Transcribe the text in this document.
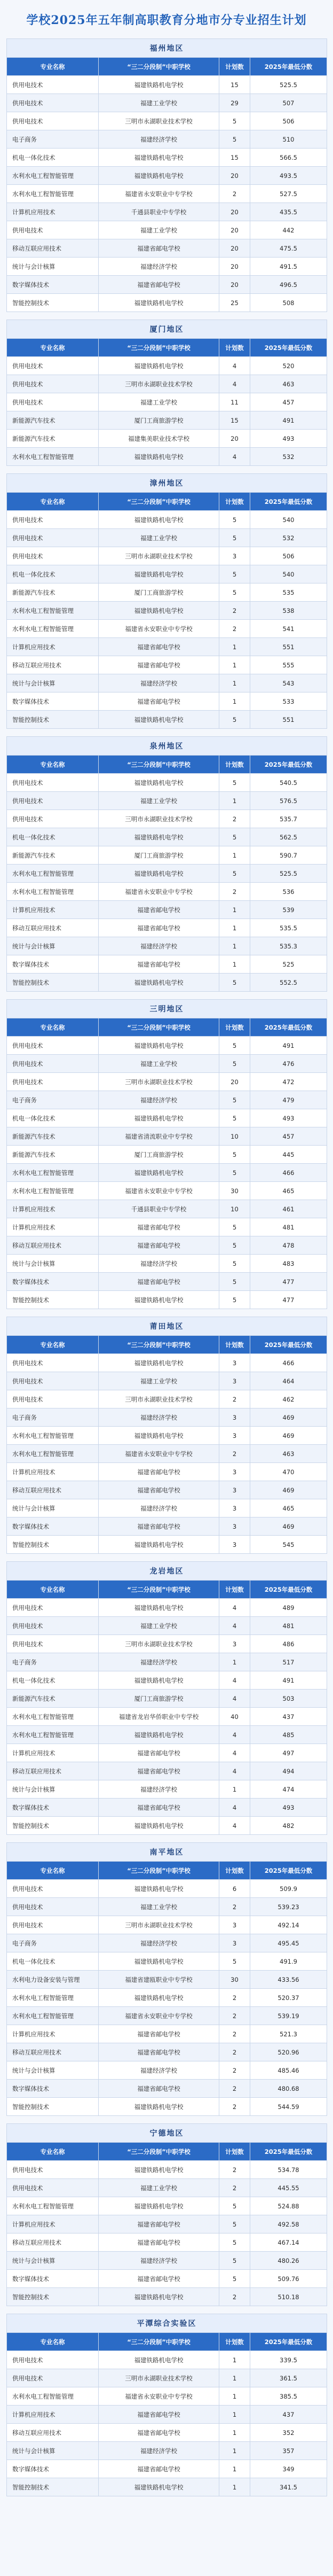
学校2025年五年制高职教育分地市分专业招生计划
福州地区			
专业名称	“三二分段制”中职学校	计划数	2025年最低分数
供用电技术	福建铁路机电学校	15	525.5
供用电技术	福建工业学校	29	507
供用电技术	三明市永湖职业技术学校	5	506
电子商务	福建经济学校	5	510
机电一体化技术	福建铁路机电学校	15	566.5
水利水电工程智能管理	福建铁路机电学校	20	493.5
水利水电工程智能管理	福建省永安职业中专学校	2	527.5
计算机应用技术	千通县职业中专学校	20	435.5
供用电技术	福建工业学校	20	442
移动互联应用技术	福建省邮电学校	20	475.5
统计与会计核算	福建经济学校	20	491.5
数字媒体技术	福建省邮电学校	20	496.5
智能控制技术	福建铁路机电学校	25	508
厦门地区			
专业名称	“三二分段制”中职学校	计划数	2025年最低分数
供用电技术	福建铁路机电学校	4	520
供用电技术	三明市永湖职业技术学校	4	463
供用电技术	福建工业学校	11	457
新能源汽车技术	厦门工商旅游学校	15	491
新能源汽车技术	福建集美职业技术学校	20	493
水利水电工程智能管理	福建铁路机电学校	4	532
漳州地区			
专业名称	“三二分段制”中职学校	计划数	2025年最低分数
供用电技术	福建铁路机电学校	5	540
供用电技术	福建工业学校	5	532
供用电技术	三明市永湖职业技术学校	3	506
机电一体化技术	福建铁路机电学校	5	540
新能源汽车技术	厦门工商旅游学校	5	535
水利水电工程智能管理	福建铁路机电学校	2	538
水利水电工程智能管理	福建省永安职业中专学校	2	541
计算机应用技术	福建省邮电学校	1	551
移动互联应用技术	福建省邮电学校	1	555
统计与会计核算	福建经济学校	1	543
数字媒体技术	福建省邮电学校	1	533
智能控制技术	福建铁路机电学校	5	551
泉州地区			
专业名称	“三二分段制”中职学校	计划数	2025年最低分数
供用电技术	福建铁路机电学校	5	540.5
供用电技术	福建工业学校	1	576.5
供用电技术	三明市永湖职业技术学校	2	535.7
机电一体化技术	福建铁路机电学校	5	562.5
新能源汽车技术	厦门工商旅游学校	1	590.7
水利水电工程智能管理	福建铁路机电学校	5	525.5
水利水电工程智能管理	福建省永安职业中专学校	2	536
计算机应用技术	福建省邮电学校	1	539
移动互联应用技术	福建省邮电学校	1	535.5
统计与会计核算	福建经济学校	1	535.3
数字媒体技术	福建省邮电学校	1	525
智能控制技术	福建铁路机电学校	5	552.5
三明地区			
专业名称	“三二分段制”中职学校	计划数	2025年最低分数
供用电技术	福建铁路机电学校	5	491
供用电技术	福建工业学校	5	476
供用电技术	三明市永湖职业技术学校	20	472
电子商务	福建经济学校	5	479
机电一体化技术	福建铁路机电学校	5	493
新能源汽车技术	福建省清流职业中专学校	10	457
新能源汽车技术	厦门工商旅游学校	5	445
水利水电工程智能管理	福建铁路机电学校	5	466
水利水电工程智能管理	福建省永安职业中专学校	30	465
计算机应用技术	千通县职业中专学校	10	461
计算机应用技术	福建省邮电学校	5	481
移动互联应用技术	福建省邮电学校	5	478
统计与会计核算	福建经济学校	5	483
数字媒体技术	福建省邮电学校	5	477
智能控制技术	福建铁路机电学校	5	477
莆田地区			
专业名称	“三二分段制”中职学校	计划数	2025年最低分数
供用电技术	福建铁路机电学校	3	466
供用电技术	福建工业学校	3	464
供用电技术	三明市永湖职业技术学校	2	462
电子商务	福建经济学校	3	469
水利水电工程智能管理	福建铁路机电学校	3	469
水利水电工程智能管理	福建省永安职业中专学校	2	463
计算机应用技术	福建省邮电学校	3	470
移动互联应用技术	福建省邮电学校	3	469
统计与会计核算	福建经济学校	3	465
数字媒体技术	福建省邮电学校	3	469
智能控制技术	福建铁路机电学校	3	545
龙岩地区			
专业名称	“三二分段制”中职学校	计划数	2025年最低分数
供用电技术	福建铁路机电学校	4	489
供用电技术	福建工业学校	4	481
供用电技术	三明市永湖职业技术学校	3	486
电子商务	福建经济学校	1	517
机电一体化技术	福建铁路机电学校	4	491
新能源汽车技术	厦门工商旅游学校	4	503
水利水电工程智能管理	福建省龙岩华侨职业中专学校	40	437
水利水电工程智能管理	福建铁路机电学校	4	485
计算机应用技术	福建省邮电学校	4	497
移动互联应用技术	福建省邮电学校	4	494
统计与会计核算	福建经济学校	1	474
数字媒体技术	福建省邮电学校	4	493
智能控制技术	福建铁路机电学校	4	482
南平地区			
专业名称	“三二分段制”中职学校	计划数	2025年最低分数
供用电技术	福建铁路机电学校	6	509.9
供用电技术	福建工业学校	2	539.23
供用电技术	三明市永湖职业技术学校	3	492.14
电子商务	福建经济学校	3	495.45
机电一体化技术	福建铁路机电学校	5	491.9
水利电力设备安装与管理	福建省建瓯职业中专学校	30	433.56
水利水电工程智能管理	福建铁路机电学校	2	520.37
水利水电工程智能管理	福建省永安职业中专学校	2	539.19
计算机应用技术	福建省邮电学校	2	521.3
移动互联应用技术	福建省邮电学校	2	520.96
统计与会计核算	福建经济学校	2	485.46
数字媒体技术	福建省邮电学校	2	480.68
智能控制技术	福建铁路机电学校	2	544.59
宁德地区			
专业名称	“三二分段制”中职学校	计划数	2025年最低分数
供用电技术	福建铁路机电学校	2	534.78
供用电技术	福建工业学校	2	445.55
水利水电工程智能管理	福建铁路机电学校	5	524.88
计算机应用技术	福建省邮电学校	5	492.58
移动互联应用技术	福建省邮电学校	5	467.14
统计与会计核算	福建经济学校	5	480.26
数字媒体技术	福建省邮电学校	5	509.76
智能控制技术	福建铁路机电学校	2	510.18
平潭综合实验区			
专业名称	“三二分段制”中职学校	计划数	2025年最低分数
供用电技术	福建铁路机电学校	1	339.5
供用电技术	三明市永湖职业技术学校	1	361.5
水利水电工程智能管理	福建省永安职业中专学校	1	385.5
计算机应用技术	福建省邮电学校	1	437
移动互联应用技术	福建省邮电学校	1	352
统计与会计核算	福建经济学校	1	357
数字媒体技术	福建省邮电学校	1	349
智能控制技术	福建铁路机电学校	1	341.5
